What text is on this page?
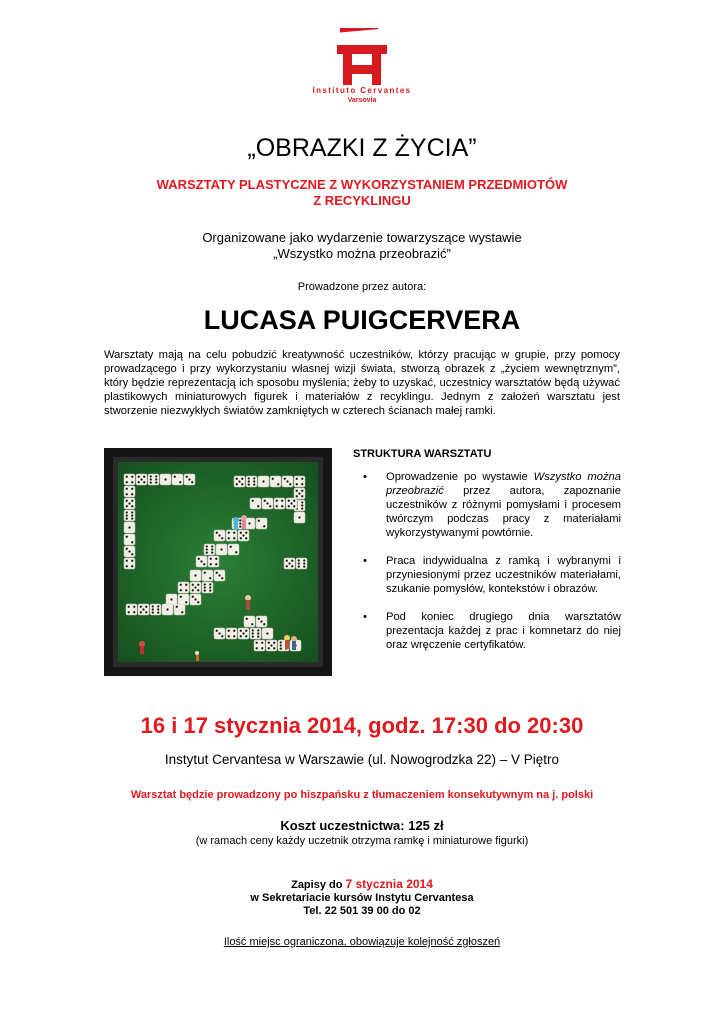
Instituto Cervantes
Varsovia
„OBRAZKI Z ŻYCIA”
WARSZTATY PLASTYCZNE Z WYKORZYSTANIEM PRZEDMIOTÓW
Z RECYKLINGU
Organizowane jako wydarzenie towarzyszące wystawie
„Wszystko można przeobrazić”
Prowadzone przez autora:
LUCASA PUIGCERVERA
Warsztaty mają na celu pobudzić kreatywność uczestników, którzy pracując w grupie, przy pomocy prowadzącego i przy wykorzystaniu własnej wizji świata, stworzą obrazek z „życiem wewnętrznym”, który będzie reprezentacją ich sposobu myślenia; żeby to uzyskać, uczestnicy warsztatów będą używać plastikowych miniaturowych figurek i materiałów z recyklingu. Jednym z założeń warsztatu jest stworzenie niezwykłych światów zamkniętych w czterech ścianach małej ramki.
STRUKTURA WARSZTATU
• Oprowadzenie po wystawie Wszystko można przeobrazić przez autora, zapoznanie uczestników z różnymi pomysłami i procesem twórczym podczas pracy z materiałami wykorzystywanymi powtórnie.
• Praca indywidualna z ramką i wybranymi i przyniesionymi przez uczestników materiałami, szukanie pomysłów, kontekstów i obrazów.
• Pod koniec drugiego dnia warsztatów prezentacja każdej z prac i komnetarz do niej oraz wręczenie certyfikatów.
16 i 17 stycznia 2014, godz. 17:30 do 20:30
Instytut Cervantesa w Warszawie (ul. Nowogrodzka 22) – V Piętro
Warsztat będzie prowadzony po hiszpańsku z tłumaczeniem konsekutywnym na j. polski
Koszt uczestnictwa: 125 zł
(w ramach ceny każdy uczetnik otrzyma ramkę i miniaturowe figurki)
Zapisy do 7 stycznia 2014
w Sekretariacie kursów Instytu Cervantesa
Tel. 22 501 39 00 do 02
Ilość miejsc ograniczona, obowiązuje kolejność zgłoszeń
